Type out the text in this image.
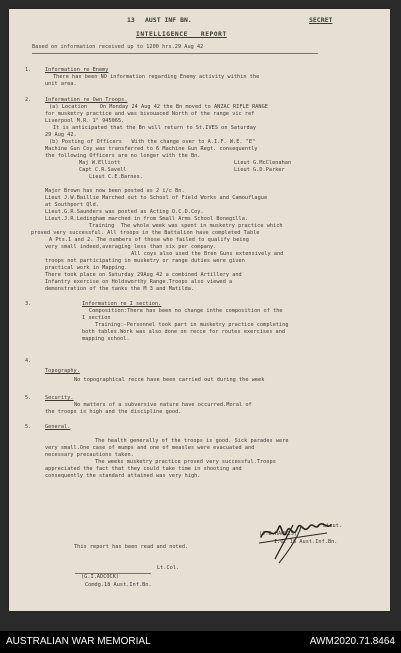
13 AUST INF BN.	SECRET
INTELLIGENCE   REPORT
Based on information received up to 1200 hrs.29 Aug 42
1.	Information re Enemy
There has been NO information regarding Enemy activity within the
unit area.
2.	Information re Own Troops.
(a) Location    On Monday 24 Aug 42 the Bn moved to ANZAC RIFLE RANGE
for musketry practice and was bivouaced North of the range vic ref
Liverpool M.R. 1" 945065.
It is anticipated that the Bn will return to St.IVES on Saturday
29 Aug 42.
(b) Posting of Officers   With the change over to A.I.F. W.E. "E"
Machine Gun Coy was transferred to 6 Machine Gun Regt. consequently
the following Officers are no longer with the Bn.
Maj W.Elliott	Lieut G.McClenahan
Capt C.R.Savell	Lieut G.D.Parker
Lieut C.E.Barnes.
Major Brown has now been posted as 2 i/c Bn.
Lieut J.W.Baillie Marched out to School of Field Works and Camouflague
at Southport Qld.
Lieut.G.R.Saunders was posted as Acting O.C.D.Coy.
Lieut.J.R.Ledingham marched in from Small Arms School Bonegilla.
Training  The whole week was spent in musketry practice which
proved very successful. All troops in the Battalion have completed Table
A Pts.1 and 2. The numbers of those who failed to qualify being
very small indeed,averaging less than six per company.
All coys also used the Bren Guns extensively and
troops not participating in musketry or range duties were given
practical work in Mapping.
There took place on Saturday 29Aug 42 a combined Artillery and
Infantry exercise on Holdsworthy Range.Troops also viewed a
demonstration of the tanks the M 3 and Matilda.
3.	Information re I section.
Composition:There has been no change inthe composition of the
I section
Training:-Personnel took part in musketry practice completing
both tables.Work was also done on recce for routes exercises and
mapping school.
4.
Topography.
No topographical recce have been carried out during the week
5.	Security.
No matters of a subversive nature have occurred.Moral of
the troops is high and the discipline good.
5.	General.
The health generally of the troops is good. Sick parades were
very small.One case of mumps and one of measles were evacuated and
necessary precautions taken.
The weeks musketry practice proved very successful.Troops
appreciated the fact that they could take time in shooting and
consequently the standard attained was very high.
Lieut.
(J.B.HARRIS)
I.O. 18 Aust.Inf.Bn.
This report has been read and noted.
Lt.Col.
(G.I.ADCOCK)
Comdg.18 Aust.Inf.Bn.
AUSTRALIAN WAR MEMORIAL	AWM2020.71.8464
